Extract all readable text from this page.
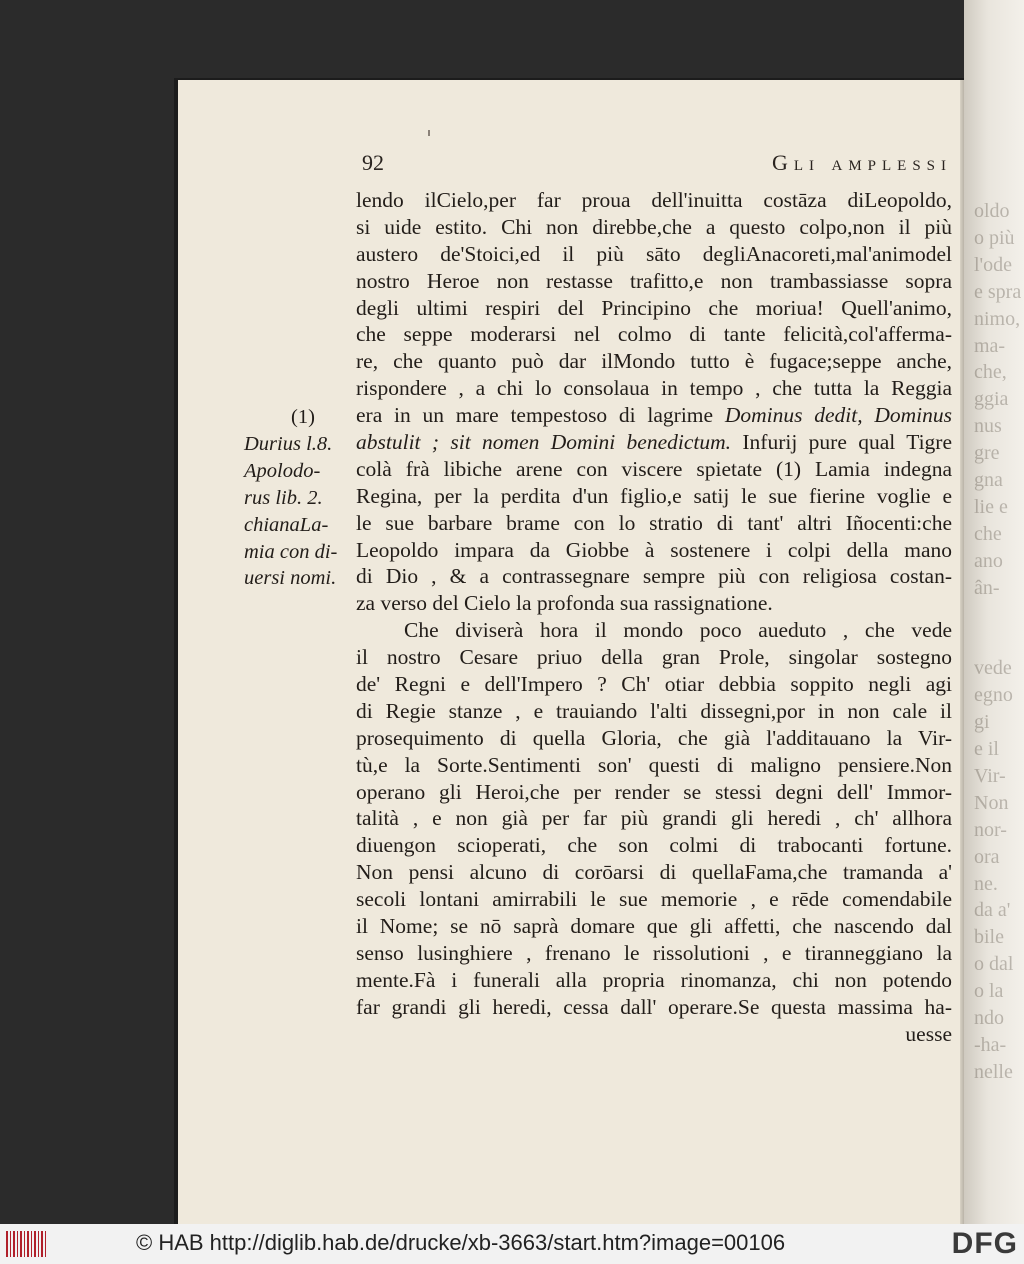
oldo
o più
l'ode
e spra
nimo,
ma-
che,
ggia
nus
gre
gna
lie e
che
ano
ân-
vede
egno
gi
e il
Vir-
Non
nor-
ora
ne.
da a'
bile
o dal
o la
ndo
-ha-
nelle
92	Gli amplessi
(1)
Durius l.8.
Apolodo-
rus lib. 2.
chianaLa-
mia con di-
uersi nomi.
lendo ilCielo,per far proua dell'inuitta costāza diLeopoldo,
si uide estito. Chi non direbbe,che a questo colpo,non il più
austero de'Stoici,ed il più sāto degliAnacoreti,mal'animodel
nostro Heroe non restasse trafitto,e non trambassiasse sopra
degli ultimi respiri del Principino che moriua! Quell'animo,
che seppe moderarsi nel colmo di tante felicità,col'afferma-
re, che quanto può dar ilMondo tutto è fugace;seppe anche,
rispondere , a chi lo consolaua in tempo , che tutta la Reggia
era in un mare tempestoso di lagrime Dominus dedit, Dominus
abstulit ; sit nomen Domini benedictum. Infurij pure qual Tigre
colà frà libiche arene con viscere spietate (1) Lamia indegna
Regina, per la perdita d'un figlio,e satij le sue fierine voglie e
le sue barbare brame con lo stratio di tant' altri Iñocenti:che
Leopoldo impara da Giobbe à sostenere i colpi della mano
di Dio , & a contrassegnare sempre più con religiosa costan-
za verso del Cielo la profonda sua rassignatione.
Che diviserà hora il mondo poco aueduto , che vede
il nostro Cesare priuo della gran Prole, singolar sostegno
de' Regni e dell'Impero ? Ch' otiar debbia soppito negli agi
di Regie stanze , e trauiando l'alti dissegni,por in non cale il
prosequimento di quella Gloria, che già l'additauano la Vir-
tù,e la Sorte.Sentimenti son' questi di maligno pensiere.Non
operano gli Heroi,che per render se stessi degni dell' Immor-
talità , e non già per far più grandi gli heredi , ch' allhora
diuengon scioperati, che son colmi di trabocanti fortune.
Non pensi alcuno di corōarsi di quellaFama,che tramanda a'
secoli lontani amirrabili le sue memorie , e rēde comendabile
il Nome; se nō saprà domare que gli affetti, che nascendo dal
senso lusinghiere , frenano le rissolutioni , e tiranneggiano la
mente.Fà i funerali alla propria rinomanza, chi non potendo
far grandi gli heredi, cessa dall' operare.Se questa massima ha-
uesse
© HAB http://diglib.hab.de/drucke/xb-3663/start.htm?image=00106	DFG
